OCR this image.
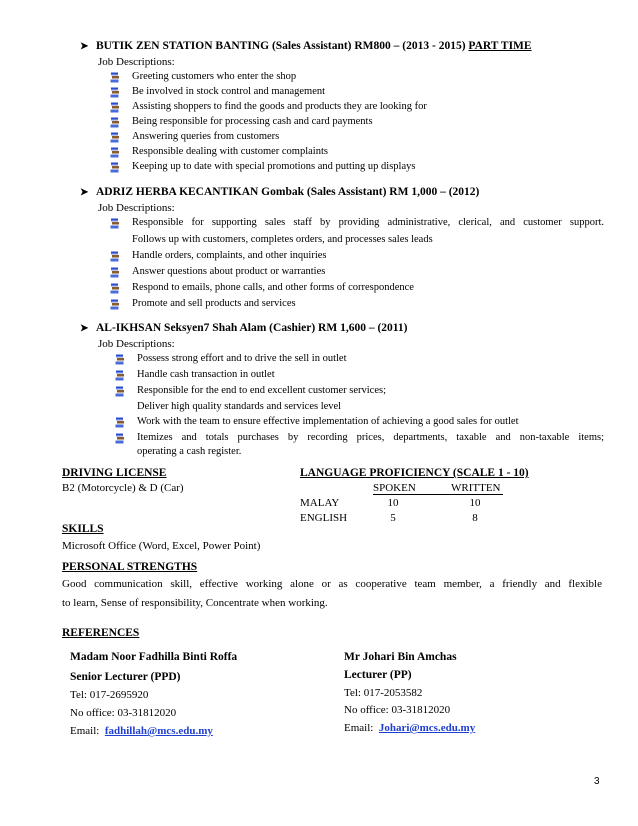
➤ BUTIK ZEN STATION BANTING (Sales Assistant) RM800 – (2013 - 2015) PART TIME
Job Descriptions:
Greeting customers who enter the shop
Be involved in stock control and management
Assisting shoppers to find the goods and products they are looking for
Being responsible for processing cash and card payments
Answering queries from customers
Responsible dealing with customer complaints
Keeping up to date with special promotions and putting up displays
➤ ADRIZ HERBA KECANTIKAN Gombak (Sales Assistant) RM 1,000 – (2012)
Job Descriptions:
Responsible for supporting sales staff by providing administrative, clerical, and customer support.
Follows up with customers, completes orders, and processes sales leads
Handle orders, complaints, and other inquiries
Answer questions about product or warranties
Respond to emails, phone calls, and other forms of correspondence
Promote and sell products and services
➤ AL-IKHSAN Seksyen7 Shah Alam (Cashier) RM 1,600 – (2011)
Job Descriptions:
Possess strong effort and to drive the sell in outlet
Handle cash transaction in outlet
Responsible for the end to end excellent customer services;
Deliver high quality standards and services level
Work with the team to ensure effective implementation of achieving a good sales for outlet
Itemizes and totals purchases by recording prices, departments, taxable and non-taxable items;
operating a cash register.
DRIVING LICENSE
B2 (Motorcycle) & D (Car)
LANGUAGE PROFICIENCY (SCALE 1 - 10)
SPOKEN	WRITTEN
MALAY	10	10
ENGLISH	5	8
SKILLS
Microsoft Office (Word, Excel, Power Point)
PERSONAL STRENGTHS
Good communication skill, effective working alone or as cooperative team member, a friendly and flexible
to learn, Sense of responsibility, Concentrate when working.
REFERENCES
Madam Noor Fadhilla Binti Roffa
Senior Lecturer (PPD)
Tel: 017-2695920
No office: 03-31812020
Email: fadhillah@mcs.edu.my
Mr Johari Bin Amchas
Lecturer (PP)
Tel: 017-2053582
No office: 03-31812020
Email: Johari@mcs.edu.my
3
